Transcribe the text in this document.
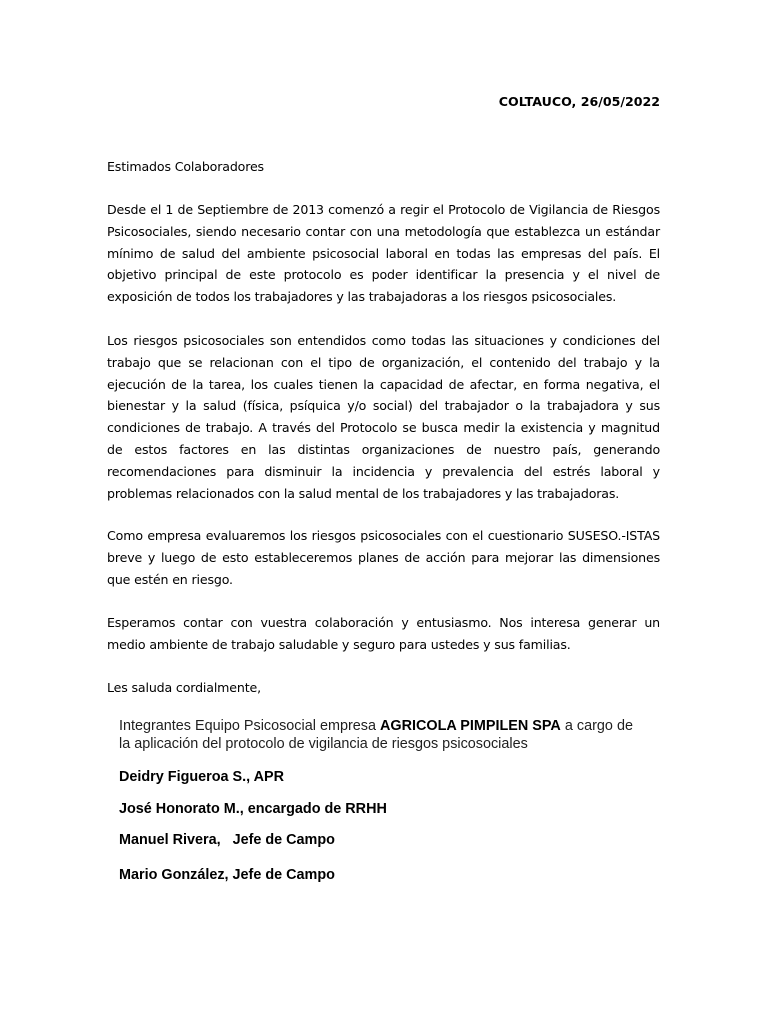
COLTAUCO, 26/05/2022
Estimados Colaboradores

Desde el 1 de Septiembre de 2013 comenzó a regir el Protocolo de Vigilancia de Riesgos Psicosociales, siendo necesario contar con una metodología que establezca un estándar mínimo de salud del ambiente psicosocial laboral en todas las empresas del país. El objetivo principal de este protocolo es poder identificar la presencia y el nivel de exposición de todos los trabajadores y las trabajadoras a los riesgos psicosociales.

Los riesgos psicosociales son entendidos como todas las situaciones y condiciones del trabajo que se relacionan con el tipo de organización, el contenido del trabajo y la ejecución de la tarea, los cuales tienen la capacidad de afectar, en forma negativa, el bienestar y la salud (física, psíquica y/o social) del trabajador o la trabajadora y sus condiciones de trabajo. A través del Protocolo se busca medir la existencia y magnitud de estos factores en las distintas organizaciones de nuestro país, generando recomendaciones para disminuir la incidencia y prevalencia del estrés laboral y problemas relacionados con la salud mental de los trabajadores y las trabajadoras.

Como empresa evaluaremos los riesgos psicosociales con el cuestionario SUSESO.-ISTAS breve y luego de esto estableceremos planes de acción para mejorar las dimensiones que estén en riesgo.

Esperamos contar con vuestra colaboración y entusiasmo. Nos interesa generar un medio ambiente de trabajo saludable y seguro para ustedes y sus familias.

Les saluda cordialmente,
Integrantes Equipo Psicosocial empresa AGRICOLA PIMPILEN SPA a cargo de la aplicación del protocolo de vigilancia de riesgos psicosociales
Deidry Figueroa S., APR
José Honorato M., encargado de RRHH
Manuel Rivera,   Jefe de Campo
Mario González, Jefe de Campo
